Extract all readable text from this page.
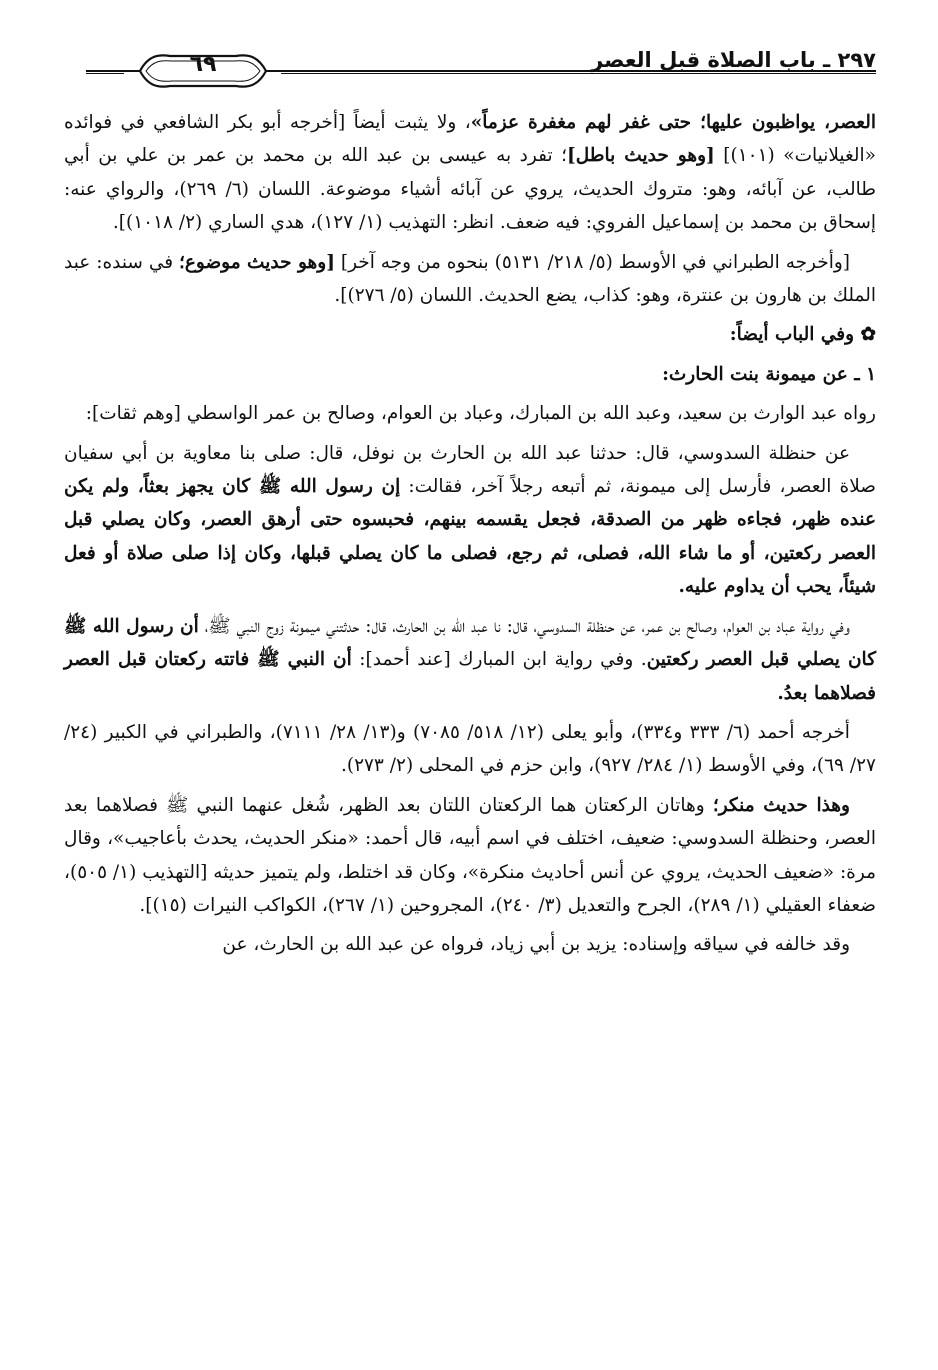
٢٩٧ ـ باب الصلاة قبل العصر
٦٩

العصر، يواظبون عليها؛ حتى غفر لهم مغفرة عزماً»، ولا يثبت أيضاً [أخرجه أبو بكر الشافعي في فوائده «الغيلانيات» (١٠١)] [وهو حديث باطل]؛ تفرد به عيسى بن عبد الله بن محمد بن عمر بن علي بن أبي طالب، عن آبائه، وهو: متروك الحديث، يروي عن آبائه أشياء موضوعة. اللسان (٦/ ٢٦٩)، والرواي عنه: إسحاق بن محمد بن إسماعيل الفروي: فيه ضعف. انظر: التهذيب (١/ ١٢٧)، هدي الساري (٢/ ١٠١٨)].

[وأخرجه الطبراني في الأوسط (٥/ ٢١٨/ ٥١٣١) بنحوه من وجه آخر] [وهو حديث موضوع؛ في سنده: عبد الملك بن هارون بن عنترة، وهو: كذاب، يضع الحديث. اللسان (٥/ ٢٧٦)].

✿ وفي الباب أيضاً:

١ ـ عن ميمونة بنت الحارث:

رواه عبد الوارث بن سعيد، وعبد الله بن المبارك، وعباد بن العوام، وصالح بن عمر الواسطي [وهم ثقات]:

عن حنظلة السدوسي، قال: حدثنا عبد الله بن الحارث بن نوفل، قال: صلى بنا معاوية بن أبي سفيان صلاة العصر، فأرسل إلى ميمونة، ثم أتبعه رجلاً آخر، فقالت: إن رسول الله ﷺ كان يجهز بعثاً، ولم يكن عنده ظهر، فجاءه ظهر من الصدقة، فجعل يقسمه بينهم، فحبسوه حتى أرهق العصر، وكان يصلي قبل العصر ركعتين، أو ما شاء الله، فصلى، ثم رجع، فصلى ما كان يصلي قبلها، وكان إذا صلى صلاة أو فعل شيئاً، يحب أن يداوم عليه.

وفي رواية عباد بن العوام، وصالح بن عمر، عن حنظلة السدوسي، قال: نا عبد الله بن الحارث، قال: حدثتني ميمونة زوج النبي ﷺ، أن رسول الله ﷺ كان يصلي قبل العصر ركعتين. وفي رواية ابن المبارك [عند أحمد]: أن النبي ﷺ فاتته ركعتان قبل العصر فصلاهما بعدُ.

أخرجه أحمد (٦/ ٣٣٣ و٣٣٤)، وأبو يعلى (١٢/ ٥١٨/ ٧٠٨٥) و(١٣/ ٢٨/ ٧١١١)، والطبراني في الكبير (٢٤/ ٢٧/ ٦٩)، وفي الأوسط (١/ ٢٨٤/ ٩٢٧)، وابن حزم في المحلى (٢/ ٢٧٣).

وهذا حديث منكر؛ وهاتان الركعتان هما الركعتان اللتان بعد الظهر، شُغل عنهما النبي ﷺ فصلاهما بعد العصر، وحنظلة السدوسي: ضعيف، اختلف في اسم أبيه، قال أحمد: «منكر الحديث، يحدث بأعاجيب»، وقال مرة: «ضعيف الحديث، يروي عن أنس أحاديث منكرة»، وكان قد اختلط، ولم يتميز حديثه [التهذيب (١/ ٥٠٥)، ضعفاء العقيلي (١/ ٢٨٩)، الجرح والتعديل (٣/ ٢٤٠)، المجروحين (١/ ٢٦٧)، الكواكب النيرات (١٥)].

وقد خالفه في سياقه وإسناده: يزيد بن أبي زياد، فرواه عن عبد الله بن الحارث، عن
